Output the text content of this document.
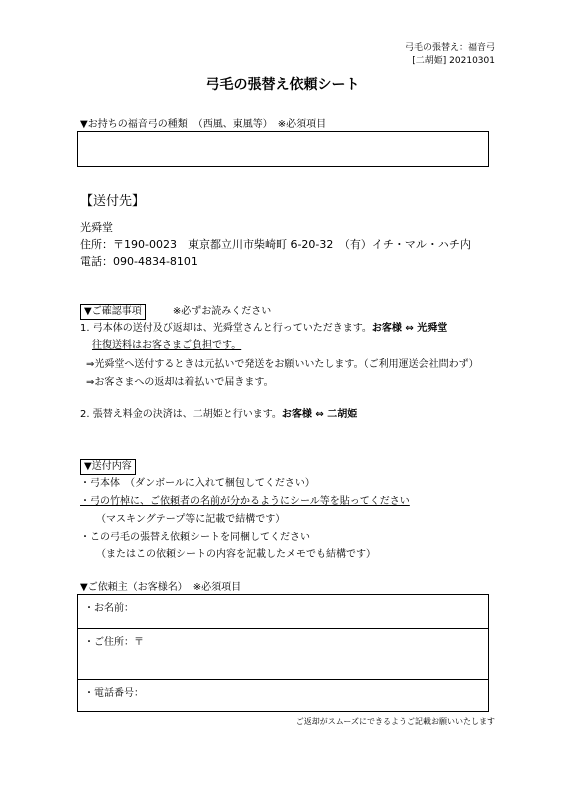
弓毛の張替え：福音弓
[二胡姫] 20210301
弓毛の張替え依頼シート
▼お持ちの福音弓の種類　（西風、東風等）　※必須項目
【送付先】
光舜堂
住所：〒190-0023　東京都立川市柴崎町 6-20-32　（有）イチ・マル・ハチ内
電話：090-4834-8101
▼ご確認事項	※必ずお読みください
1. 弓本体の送付及び返却は、光舜堂さんと行っていただきます。お客様 ⇔ 光舜堂
往復送料はお客さまご負担です。
⇒光舜堂へ送付するときは元払いで発送をお願いいたします。（ご利用運送会社問わず）
⇒お客さまへの返却は着払いで届きます。
2. 張替え料金の決済は、二胡姫と行います。お客様 ⇔ 二胡姫
▼送付内容
・弓本体　（ダンボールに入れて梱包してください）
・弓の竹棹に、ご依頼者の名前が分かるようにシール等を貼ってください
（マスキングテープ等に記載で結構です）
・この弓毛の張替え依頼シートを同梱してください
（またはこの依頼シートの内容を記載したメモでも結構です）
▼ご依頼主（お客様名）　※必須項目
・お名前：
・ご住所：〒
・電話番号：
ご返却がスムーズにできるようご記載お願いいたします
